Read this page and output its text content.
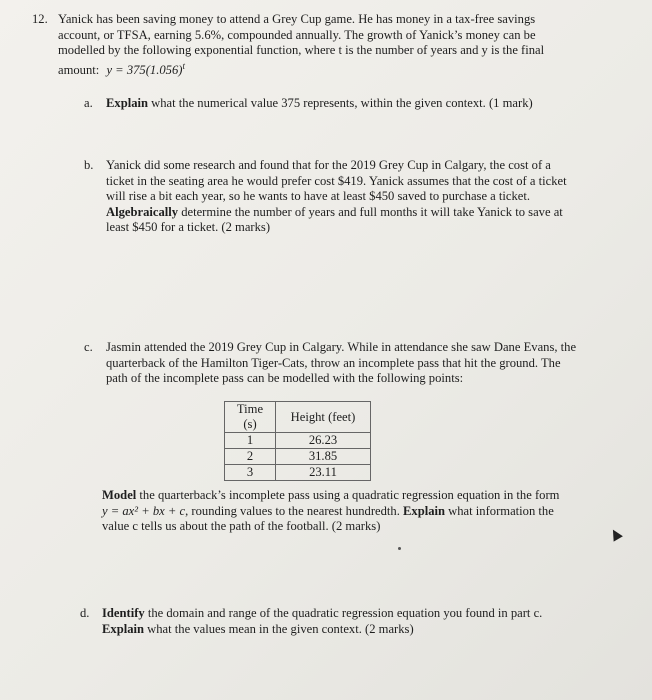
12. Yanick has been saving money to attend a Grey Cup game. He has money in a tax-free savings
account, or TFSA, earning 5.6%, compounded annually. The growth of Yanick’s money can be
modelled by the following exponential function, where t is the number of years and y is the final
amount: $y = 375(1.056)^t$
a. Explain what the numerical value 375 represents, within the given context. (1 mark)
b. Yanick did some research and found that for the 2019 Grey Cup in Calgary, the cost of a
ticket in the seating area he would prefer cost $419. Yanick assumes that the cost of a ticket
will rise a bit each year, so he wants to have at least $450 saved to purchase a ticket.
Algebraically determine the number of years and full months it will take Yanick to save at
least $450 for a ticket. (2 marks)
c. Jasmin attended the 2019 Grey Cup in Calgary. While in attendance she saw Dane Evans, the
quarterback of the Hamilton Tiger-Cats, throw an incomplete pass that hit the ground. The
path of the incomplete pass can be modelled with the following points:
Time (s)	Height (feet)
1	26.23
2	31.85
3	23.11
Model the quarterback’s incomplete pass using a quadratic regression equation in the form
y = ax² + bx + c, rounding values to the nearest hundredth. Explain what information the
value c tells us about the path of the football. (2 marks)
d. Identify the domain and range of the quadratic regression equation you found in part c.
Explain what the values mean in the given context. (2 marks)
▲
